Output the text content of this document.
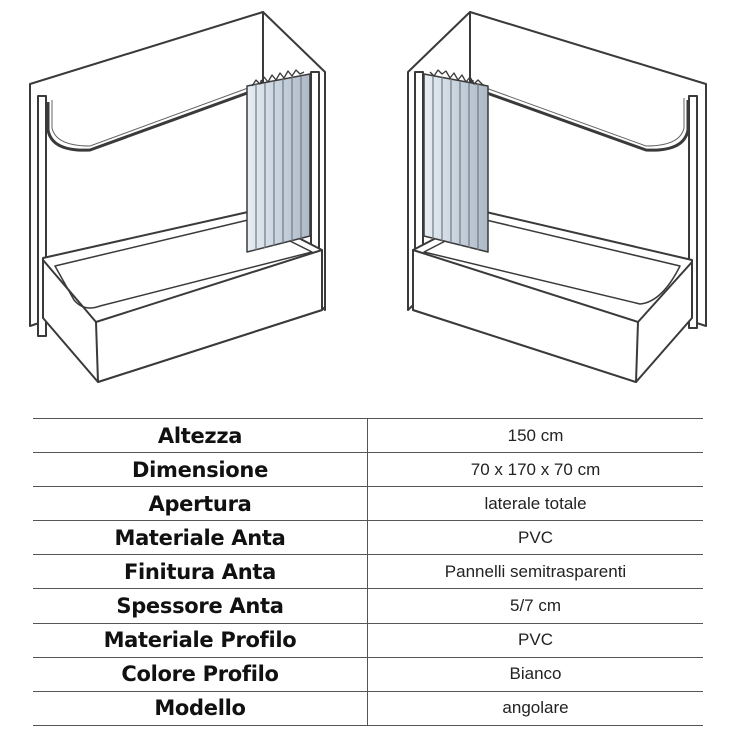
Altezza	150 cm
Dimensione	70 x 170 x 70 cm
Apertura	laterale totale
Materiale Anta	PVC
Finitura Anta	Pannelli semitrasparenti
Spessore Anta	5/7 cm
Materiale Profilo	PVC
Colore Profilo	Bianco
Modello	angolare
